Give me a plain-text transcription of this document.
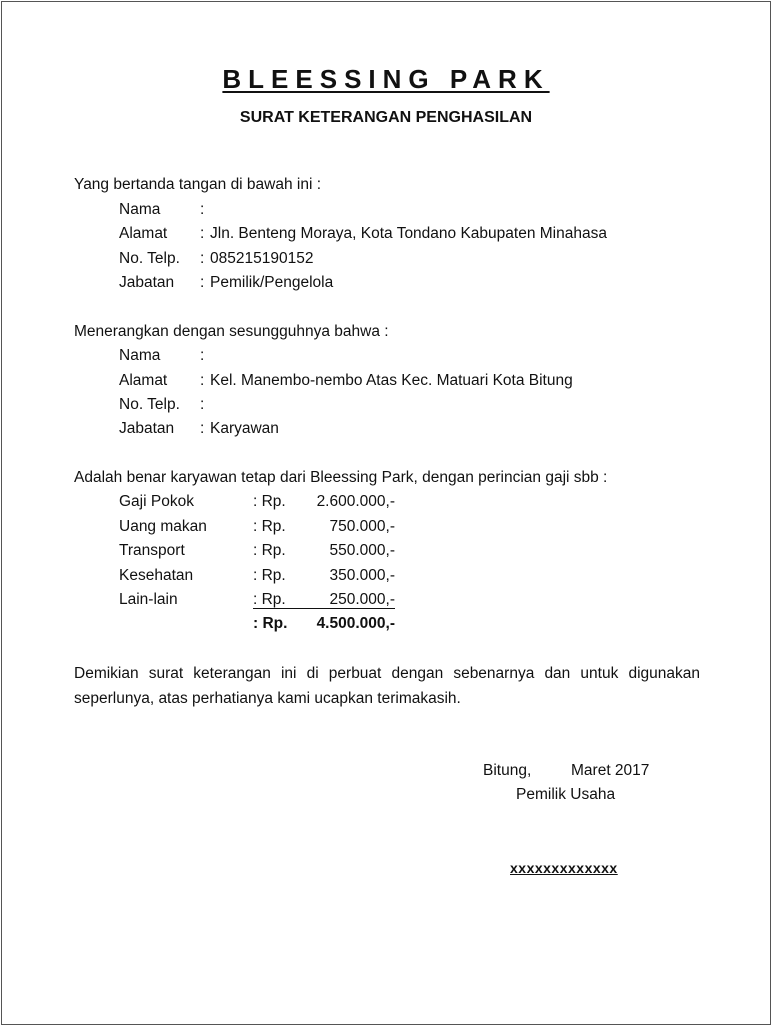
BLEESSING PARK
SURAT KETERANGAN PENGHASILAN
Yang bertanda tangan di bawah ini :
Nama	:
Alamat : Jln. Benteng Moraya, Kota Tondano Kabupaten Minahasa
No. Telp. : 085215190152
Jabatan : Pemilik/Pengelola
Menerangkan dengan sesungguhnya bahwa :
Nama	:
Alamat : Kel. Manembo-nembo Atas Kec. Matuari Kota Bitung
No. Telp. :
Jabatan : Karyawan
Adalah benar karyawan tetap dari Bleessing Park, dengan perincian gaji sbb :
Gaji Pokok	: Rp.	2.600.000,-
Uang makan	: Rp.	750.000,-
Transport	: Rp.	550.000,-
Kesehatan	: Rp.	350.000,-
Lain-lain	: Rp.	250.000,-
: Rp.	4.500.000,-
Demikian surat keterangan ini di perbuat dengan sebenarnya dan untuk digunakan seperlunya, atas perhatianya kami ucapkan terimakasih.
Bitung,	Maret 2017
Pemilik Usaha
xxxxxxxxxxxxx
